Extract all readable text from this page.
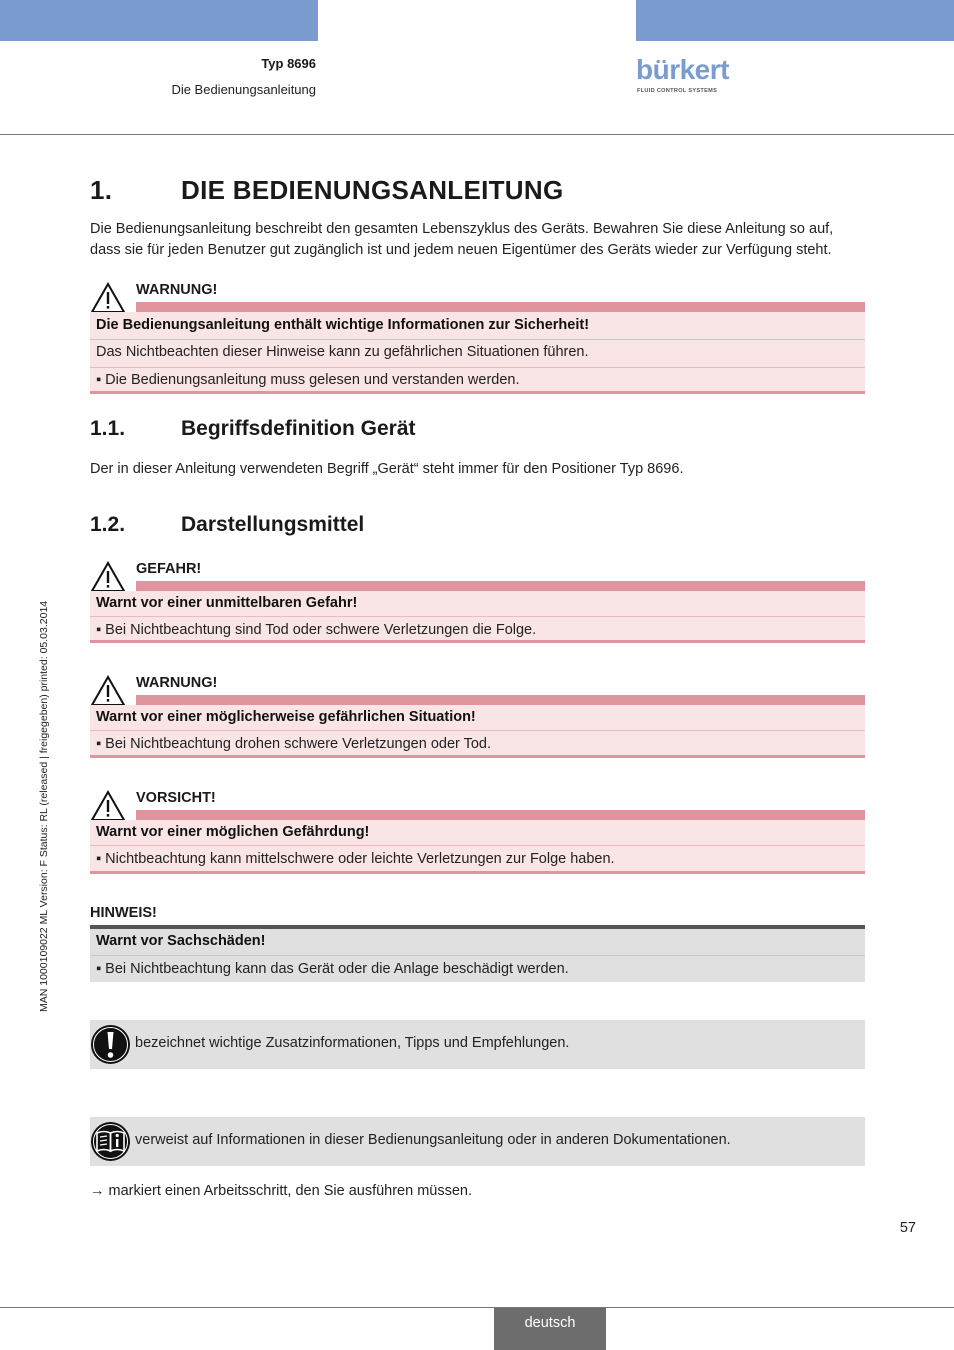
Typ 8696
Die Bedienungsanleitung
bürkert
FLUID CONTROL SYSTEMS
1.	DIE BEDIENUNGSANLEITUNG
Die Bedienungsanleitung beschreibt den gesamten Lebenszyklus des Geräts. Bewahren Sie diese Anleitung so auf,
dass sie für jeden Benutzer gut zugänglich ist und jedem neuen Eigentümer des Geräts wieder zur Verfügung steht.
WARNUNG!
Die Bedienungsanleitung enthält wichtige Informationen zur Sicherheit!
Das Nichtbeachten dieser Hinweise kann zu gefährlichen Situationen führen.
▪ Die Bedienungsanleitung muss gelesen und verstanden werden.
1.1.	Begriffsdefinition Gerät
Der in dieser Anleitung verwendeten Begriff „Gerät“ steht immer für den Positioner Typ 8696.
1.2.	Darstellungsmittel
GEFAHR!
Warnt vor einer unmittelbaren Gefahr!
▪ Bei Nichtbeachtung sind Tod oder schwere Verletzungen die Folge.
WARNUNG!
Warnt vor einer möglicherweise gefährlichen Situation!
▪ Bei Nichtbeachtung drohen schwere Verletzungen oder Tod.
VORSICHT!
Warnt vor einer möglichen Gefährdung!
▪ Nichtbeachtung kann mittelschwere oder leichte Verletzungen zur Folge haben.
HINWEIS!
Warnt vor Sachschäden!
▪ Bei Nichtbeachtung kann das Gerät oder die Anlage beschädigt werden.
bezeichnet wichtige Zusatzinformationen, Tipps und Empfehlungen.
verweist auf Informationen in dieser Bedienungsanleitung oder in anderen Dokumentationen.
→ markiert einen Arbeitsschritt, den Sie ausführen müssen.
MAN 1000109022 ML Version: F Status: RL (released | freigegeben) printed: 05.03.2014
57
deutsch
